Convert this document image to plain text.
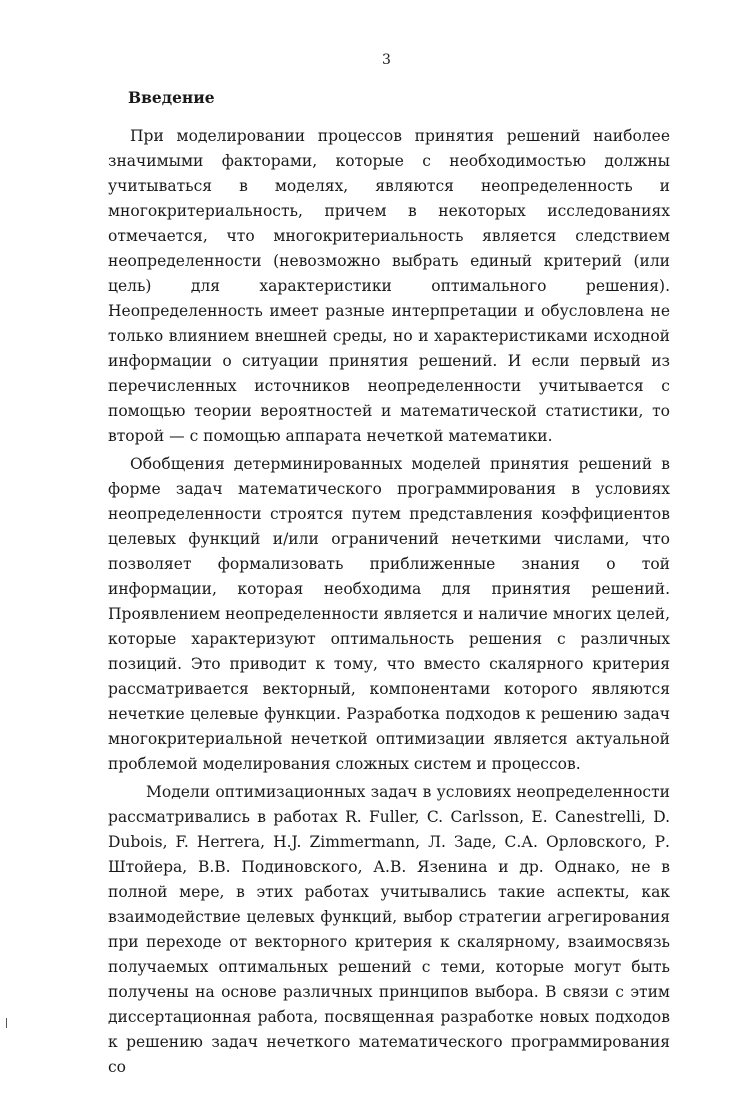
3
Введение

При моделировании процессов принятия решений наиболее значимыми факторами, которые с необходимостью должны учитываться в моделях, являются неопределенность и многокритериальность, причем в некоторых исследованиях отмечается, что многокритериальность является следствием неопределенности (невозможно выбрать единый критерий (или цель) для характеристики оптимального решения). Неопределенность имеет разные интерпретации и обусловлена не только влиянием внешней среды, но и характеристиками исходной информации о ситуации принятия решений. И если первый из перечисленных источников неопределенности учитывается с помощью теории вероятностей и математической статистики, то второй — с помощью аппарата нечеткой математики.

Обобщения детерминированных моделей принятия решений в форме задач математического программирования в условиях неопределенности строятся путем представления коэффициентов целевых функций и/или ограничений нечеткими числами, что позволяет формализовать приближенные знания о той информации, которая необходима для принятия решений. Проявлением неопределенности является и наличие многих целей, которые характеризуют оптимальность решения с различных позиций. Это приводит к тому, что вместо скалярного критерия рассматривается векторный, компонентами которого являются нечеткие целевые функции. Разработка подходов к решению задач многокритериальной нечеткой оптимизации является актуальной проблемой моделирования сложных систем и процессов.

Модели оптимизационных задач в условиях неопределенности рассматривались в работах R. Fuller, C. Carlsson, E. Canestrelli, D. Dubois, F. Herrera, H.J. Zimmermann, Л. Заде, С.А. Орловского, Р. Штойера, В.В. Подиновского, А.В. Язенина и др. Однако, не в полной мере, в этих работах учитывались такие аспекты, как взаимодействие целевых функций, выбор стратегии агрегирования при переходе от векторного критерия к скалярному, взаимосвязь получаемых оптимальных решений с теми, которые могут быть получены на основе различных принципов выбора. В связи с этим диссертационная работа, посвященная разработке новых подходов к решению задач нечеткого математического программирования со
